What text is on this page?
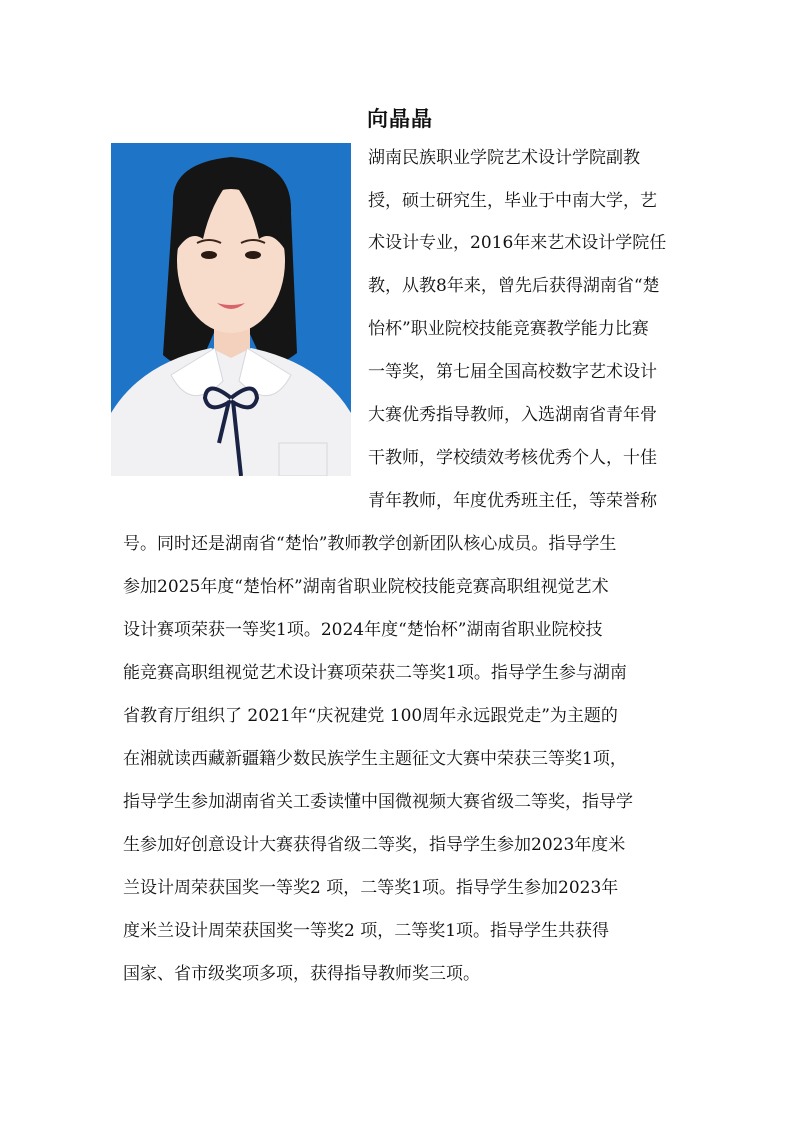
向晶晶
湖南民族职业学院艺术设计学院副教
授，硕士研究生，毕业于中南大学，艺
术设计专业，2016年来艺术设计学院任
教，从教8年来，曾先后获得湖南省“楚
怡杯”职业院校技能竞赛教学能力比赛
一等奖，第七届全国高校数字艺术设计
大赛优秀指导教师，入选湖南省青年骨
干教师，学校绩效考核优秀个人，十佳
青年教师，年度优秀班主任，等荣誉称
号。同时还是湖南省“楚怡”教师教学创新团队核心成员。指导学生
参加2025年度“楚怡杯”湖南省职业院校技能竞赛高职组视觉艺术
设计赛项荣获一等奖1项。2024年度“楚怡杯”湖南省职业院校技
能竞赛高职组视觉艺术设计赛项荣获二等奖1项。指导学生参与湖南
省教育厅组织了 2021年“庆祝建党 100周年永远跟党走”为主题的
在湘就读西藏新疆籍少数民族学生主题征文大赛中荣获三等奖1项，
指导学生参加湖南省关工委读懂中国微视频大赛省级二等奖，指导学
生参加好创意设计大赛获得省级二等奖，指导学生参加2023年度米
兰设计周荣获国奖一等奖2 项，二等奖1项。指导学生参加2023年
度米兰设计周荣获国奖一等奖2 项，二等奖1项。指导学生共获得
国家、省市级奖项多项，获得指导教师奖三项。
